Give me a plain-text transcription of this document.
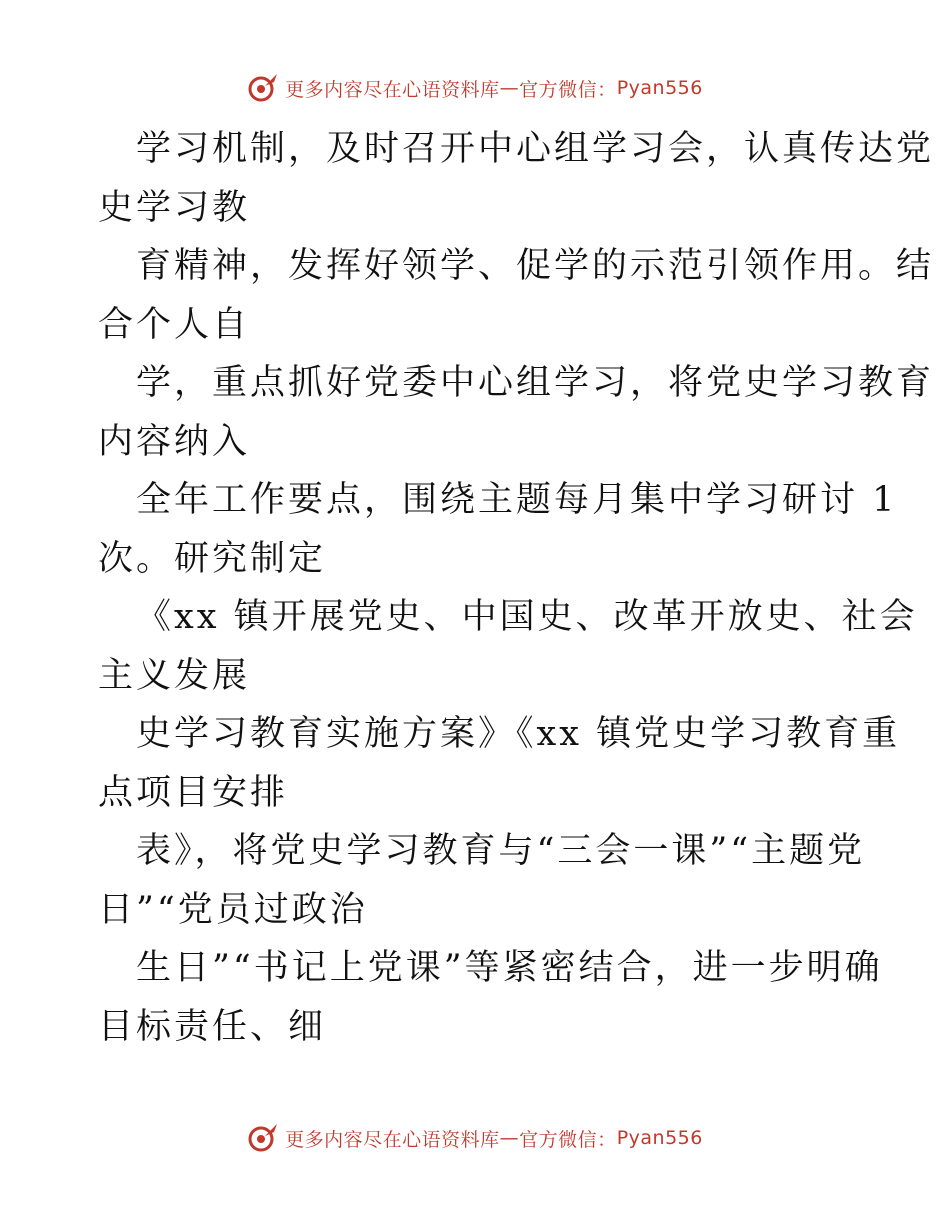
更多内容尽在心语资料库 — 官方微信： Pyan556
学习机制，及时召开中心组学习会，认真传达党
史学习教
育精神，发挥好领学、促学的示范引领作用。结
合个人自
学，重点抓好党委中心组学习，将党史学习教育
内容纳入
全年工作要点，围绕主题每月集中学习研讨 1
次。研究制定
《xx 镇开展党史、中国史、改革开放史、社会
主义发展
史学习教育实施方案》《xx 镇党史学习教育重
点项目安排
表》，将党史学习教育与“三会一课”“主题党
日”“党员过政治
生日”“书记上党课”等紧密结合，进一步明确
目标责任、细
更多内容尽在心语资料库 — 官方微信： Pyan556
